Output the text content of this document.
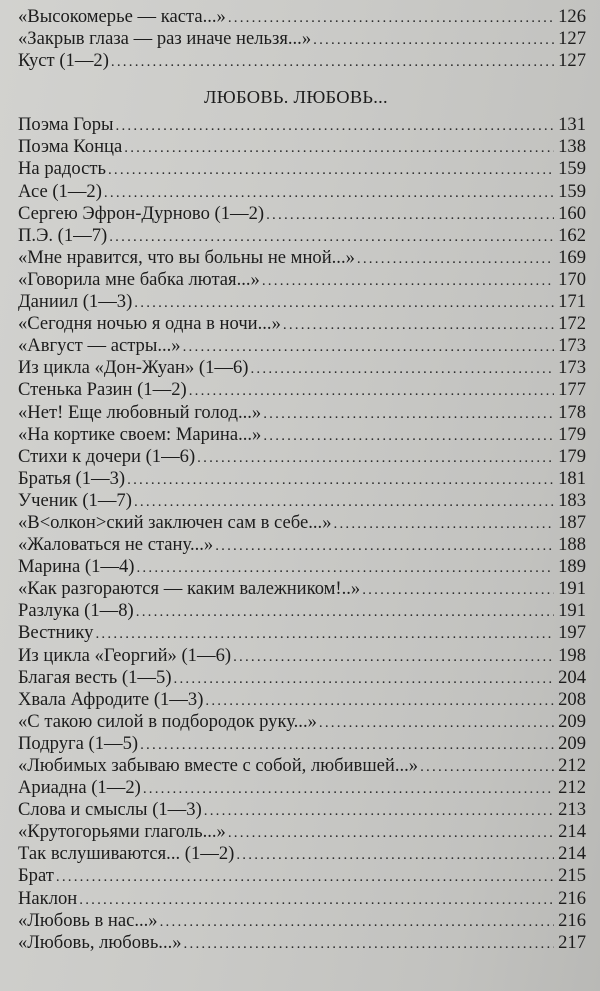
«Высокомерье — каста...» .....	126
«Закрыв глаза — раз иначе нельзя...» .....	127
Куст (1—2) .....	127
ЛЮБОВЬ. ЛЮБОВЬ...
Поэма Горы .....	131
Поэма Конца .....	138
На радость .....	159
Асе (1—2) .....	159
Сергею Эфрон-Дурново (1—2) .....	160
П.Э. (1—7) .....	162
«Мне нравится, что вы больны не мной...» .....	169
«Говорила мне бабка лютая...» .....	170
Даниил (1—3) .....	171
«Сегодня ночью я одна в ночи...» .....	172
«Август — астры...» .....	173
Из цикла «Дон-Жуан» (1—6) .....	173
Стенька Разин (1—2) .....	177
«Нет! Еще любовный голод...» .....	178
«На кортике своем: Марина...» .....	179
Стихи к дочери (1—6) .....	179
Братья (1—3) .....	181
Ученик (1—7) .....	183
«В<олкон>ский заключен сам в себе...» .....	187
«Жаловаться не стану...» .....	188
Марина (1—4) .....	189
«Как разгораются — каким валежником!..» .....	191
Разлука (1—8) .....	191
Вестнику .....	197
Из цикла «Георгий» (1—6) .....	198
Благая весть (1—5) .....	204
Хвала Афродите (1—3) .....	208
«С такою силой в подбородок руку...» .....	209
Подруга (1—5) .....	209
«Любимых забываю вместе с собой, любившей...» .....	212
Ариадна (1—2) .....	212
Слова и смыслы (1—3) .....	213
«Крутогорьями глаголь...» .....	214
Так вслушиваются... (1—2) .....	214
Брат .....	215
Наклон .....	216
«Любовь в нас...» .....	216
«Любовь, любовь...» .....	217
